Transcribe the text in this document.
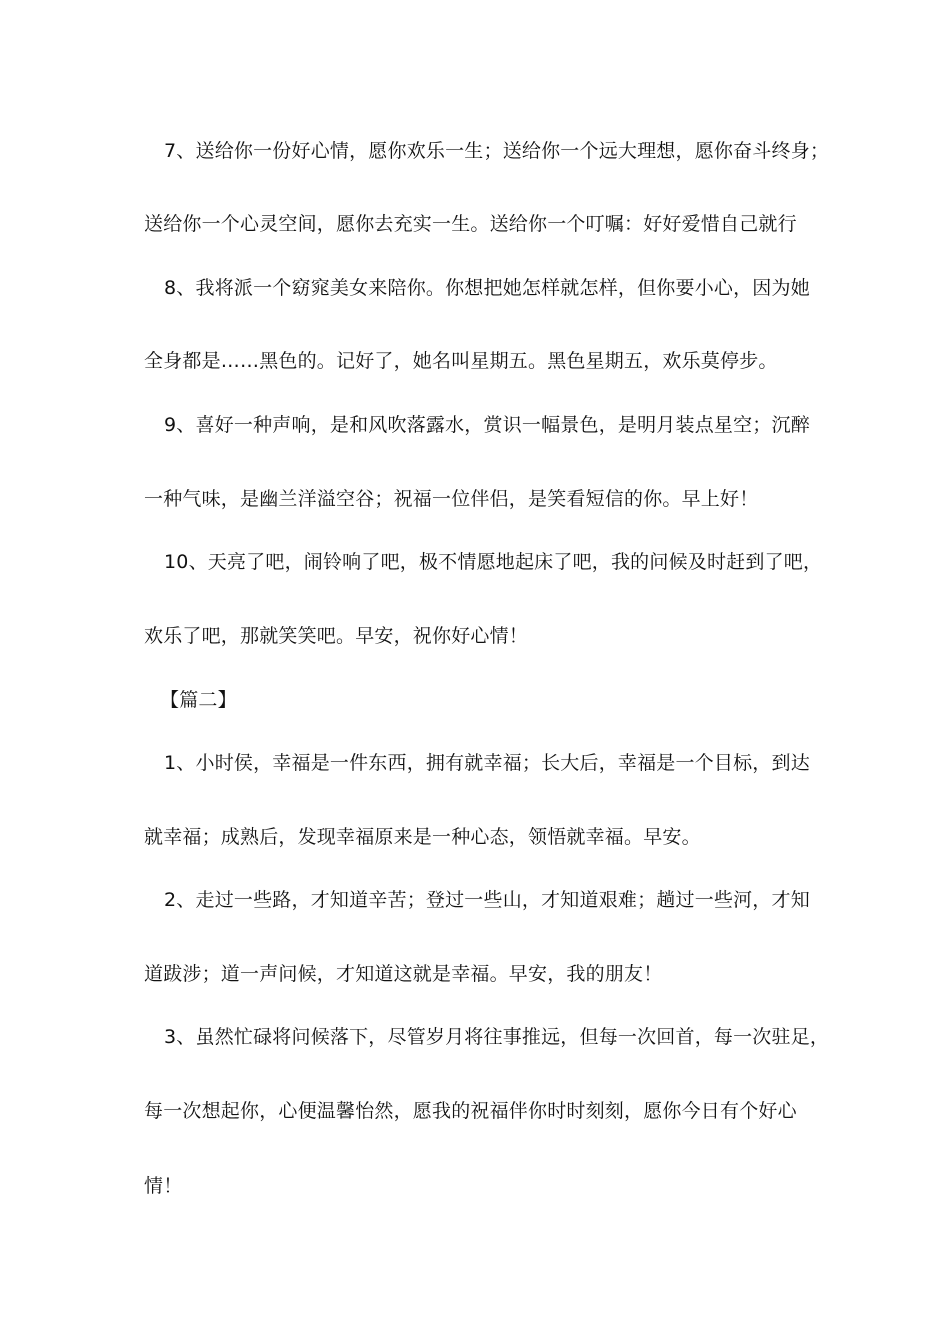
7、送给你一份好心情，愿你欢乐一生；送给你一个远大理想，愿你奋斗终身；
送给你一个心灵空间，愿你去充实一生。送给你一个叮嘱：好好爱惜自己就行
8、我将派一个窈窕美女来陪你。你想把她怎样就怎样，但你要小心，因为她
全身都是……黑色的。记好了，她名叫星期五。黑色星期五，欢乐莫停步。
9、喜好一种声响，是和风吹落露水，赏识一幅景色，是明月装点星空；沉醉
一种气味，是幽兰洋溢空谷；祝福一位伴侣，是笑看短信的你。早上好！
10、天亮了吧，闹铃响了吧，极不情愿地起床了吧，我的问候及时赶到了吧，
欢乐了吧，那就笑笑吧。早安，祝你好心情！
【篇二】
1、小时侯，幸福是一件东西，拥有就幸福；长大后，幸福是一个目标，到达
就幸福；成熟后，发现幸福原来是一种心态，领悟就幸福。早安。
2、走过一些路，才知道辛苦；登过一些山，才知道艰难；趟过一些河，才知
道跋涉；道一声问候，才知道这就是幸福。早安，我的朋友！
3、虽然忙碌将问候落下，尽管岁月将往事推远，但每一次回首，每一次驻足，
每一次想起你，心便温馨怡然，愿我的祝福伴你时时刻刻，愿你今日有个好心
情！
